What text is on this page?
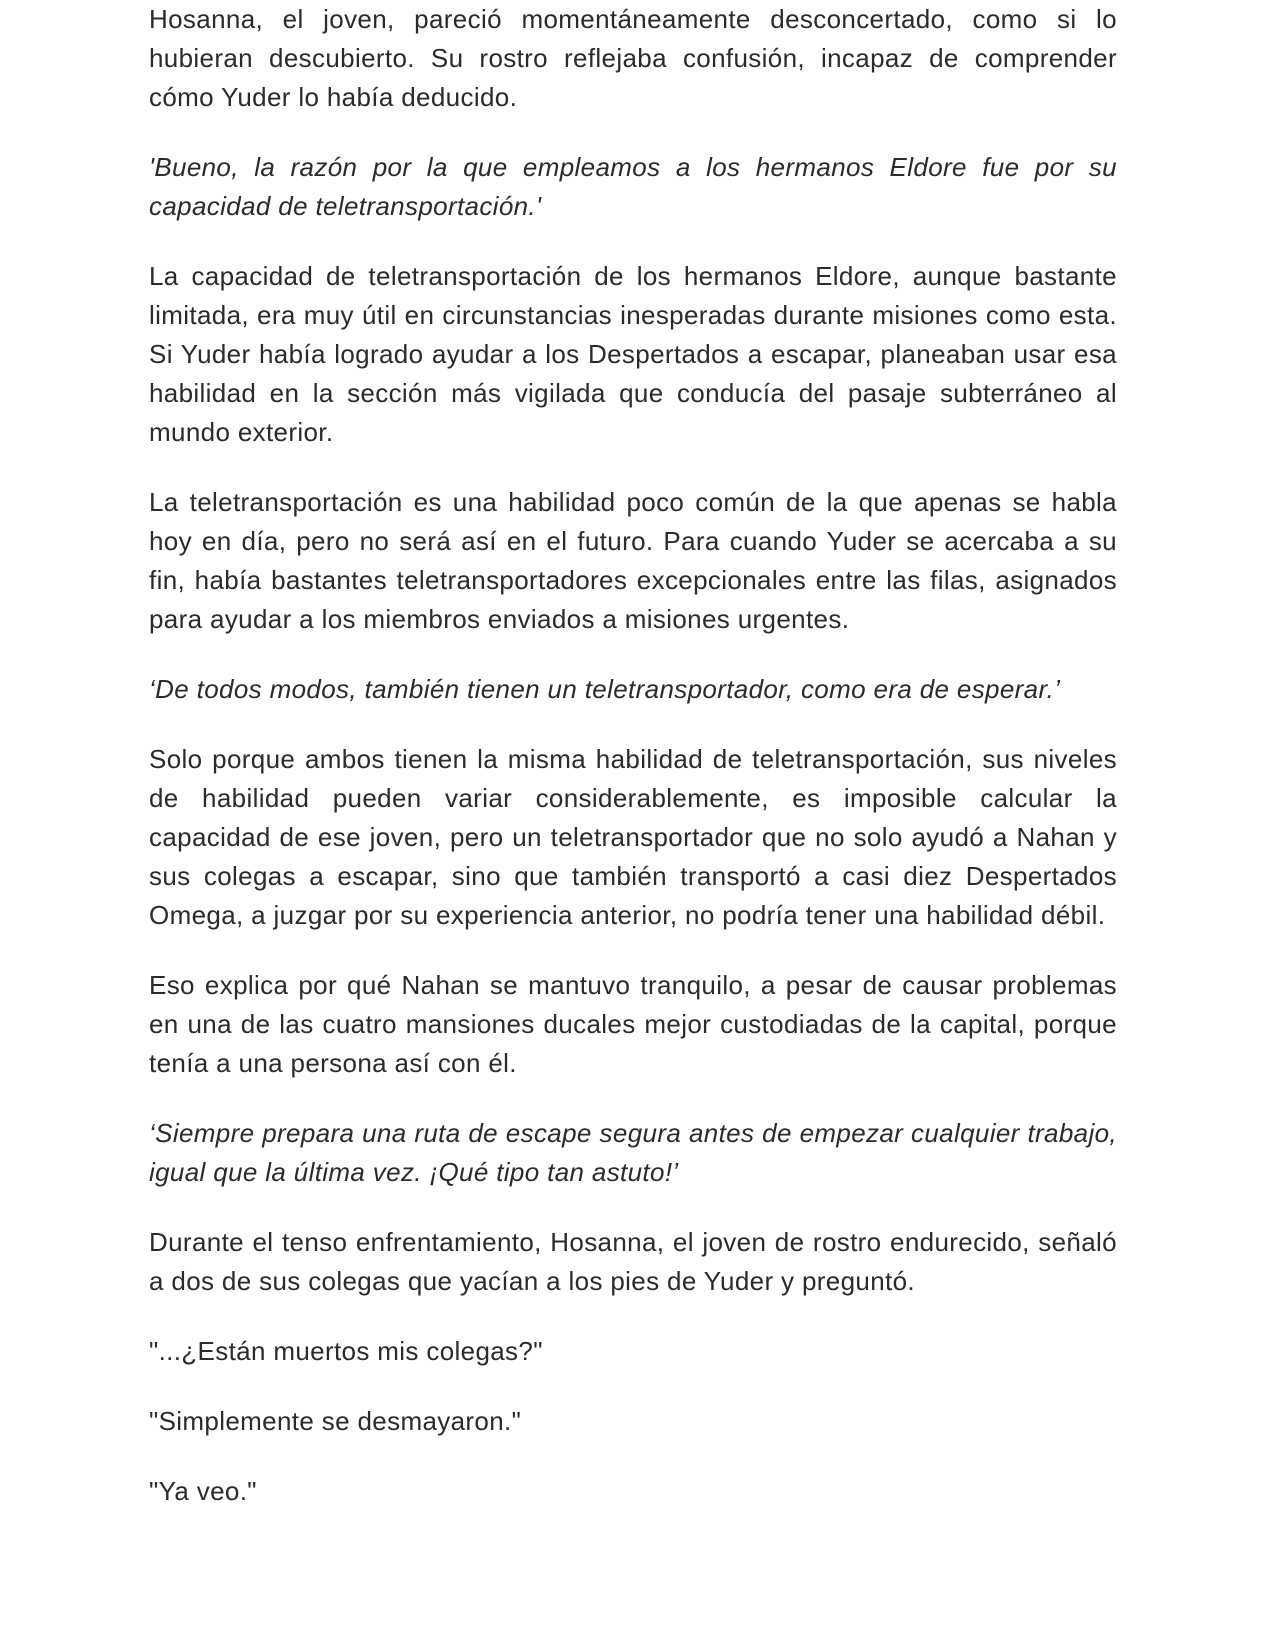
Hosanna, el joven, pareció momentáneamente desconcertado, como si lo hubieran descubierto. Su rostro reflejaba confusión, incapaz de comprender cómo Yuder lo había deducido.

'Bueno, la razón por la que empleamos a los hermanos Eldore fue por su capacidad de teletransportación.'

La capacidad de teletransportación de los hermanos Eldore, aunque bastante limitada, era muy útil en circunstancias inesperadas durante misiones como esta. Si Yuder había logrado ayudar a los Despertados a escapar, planeaban usar esa habilidad en la sección más vigilada que conducía del pasaje subterráneo al mundo exterior.

La teletransportación es una habilidad poco común de la que apenas se habla hoy en día, pero no será así en el futuro. Para cuando Yuder se acercaba a su fin, había bastantes teletransportadores excepcionales entre las filas, asignados para ayudar a los miembros enviados a misiones urgentes.

‘De todos modos, también tienen un teletransportador, como era de esperar.’

Solo porque ambos tienen la misma habilidad de teletransportación, sus niveles de habilidad pueden variar considerablemente, es imposible calcular la capacidad de ese joven, pero un teletransportador que no solo ayudó a Nahan y sus colegas a escapar, sino que también transportó a casi diez Despertados Omega, a juzgar por su experiencia anterior, no podría tener una habilidad débil.

Eso explica por qué Nahan se mantuvo tranquilo, a pesar de causar problemas en una de las cuatro mansiones ducales mejor custodiadas de la capital, porque tenía a una persona así con él.

‘Siempre prepara una ruta de escape segura antes de empezar cualquier trabajo, igual que la última vez. ¡Qué tipo tan astuto!’

Durante el tenso enfrentamiento, Hosanna, el joven de rostro endurecido, señaló a dos de sus colegas que yacían a los pies de Yuder y preguntó.

"...¿Están muertos mis colegas?"

"Simplemente se desmayaron."

"Ya veo."
